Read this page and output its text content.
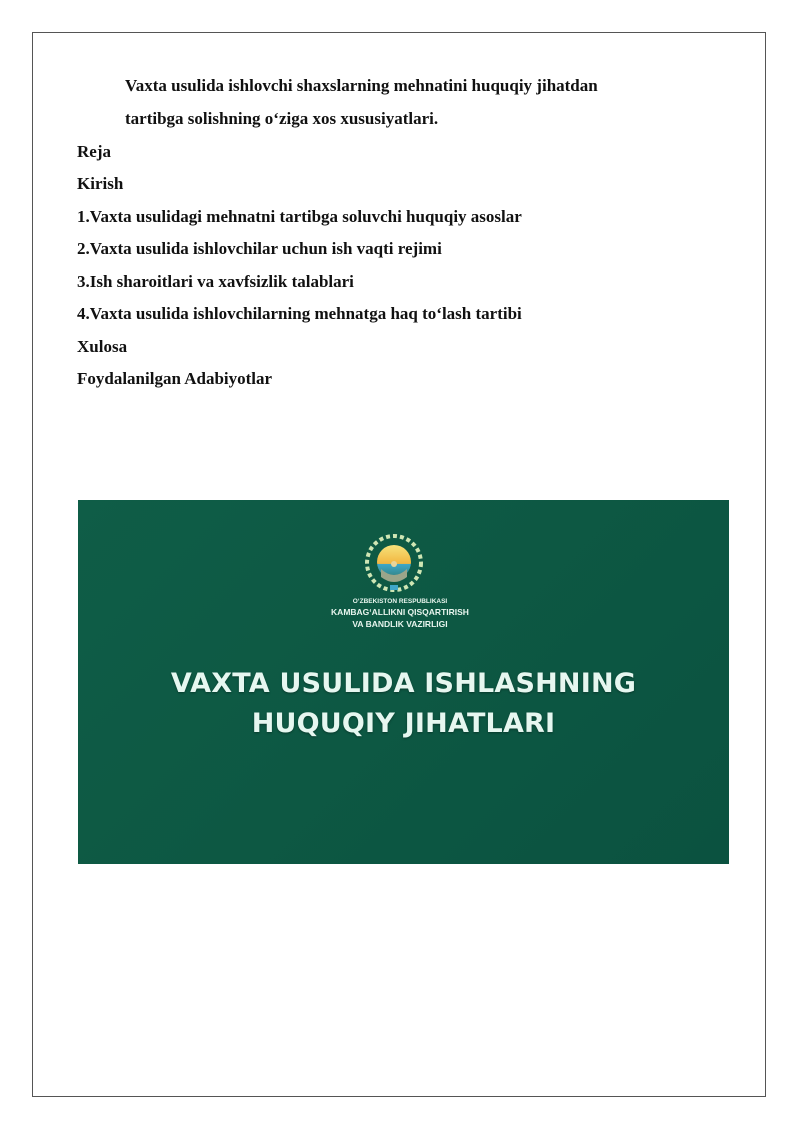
Vaxta usulida ishlovchi shaxslarning mehnatini huquqiy jihatdan
tartibga solishning o‘ziga xos xususiyatlari.
Reja
Kirish
1.Vaxta usulidagi mehnatni tartibga soluvchi huquqiy asoslar
2.Vaxta usulida ishlovchilar uchun ish vaqti rejimi
3.Ish sharoitlari va xavfsizlik talablari
4.Vaxta usulida ishlovchilarning mehnatga haq to‘lash tartibi
Xulosa
Foydalanilgan Adabiyotlar
O‘ZBEKISTON RESPUBLIKASI
KAMBAG‘ALLIKNI QISQARTIRISH
VA BANDLIK VAZIRLIGI
VAXTA USULIDA ISHLASHNING
HUQUQIY JIHATLARI
